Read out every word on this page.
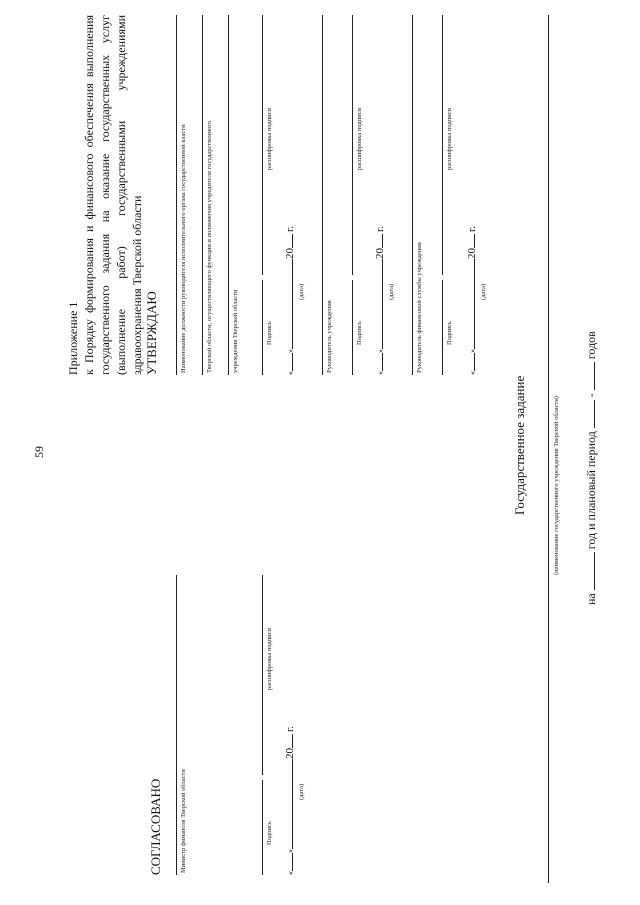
59
Приложение 1 к Порядку формирования и финансового обеспечения выполнения государственного задания на оказание государственных услуг (выполнение работ) государственными учреждениями здравоохранения Тверской области УТВЕРЖДАЮ	Наименование должности руководителя исполнительного органа государственной власти	Тверской области, осуществляющего функции и полномочия учредителя государственного	учреждения Тверской области	Подпись
расшифровка подписи
«»20 г.
(дата)
Руководитель учреждения	Подпись
расшифровка подписи
«»20 г.
(дата)	Руководитель финансовой службы учреждения	Подпись
расшифровка подписи
«»20 г.
(дата)
Государственное задание	(наименование государственного учреждения Тверской области)
на  год и плановый период  -  годов
СОГЛАСОВАНО	Министр финансов Тверской области	Подпись
расшифровка подписи
«»20 г.
(дата)
